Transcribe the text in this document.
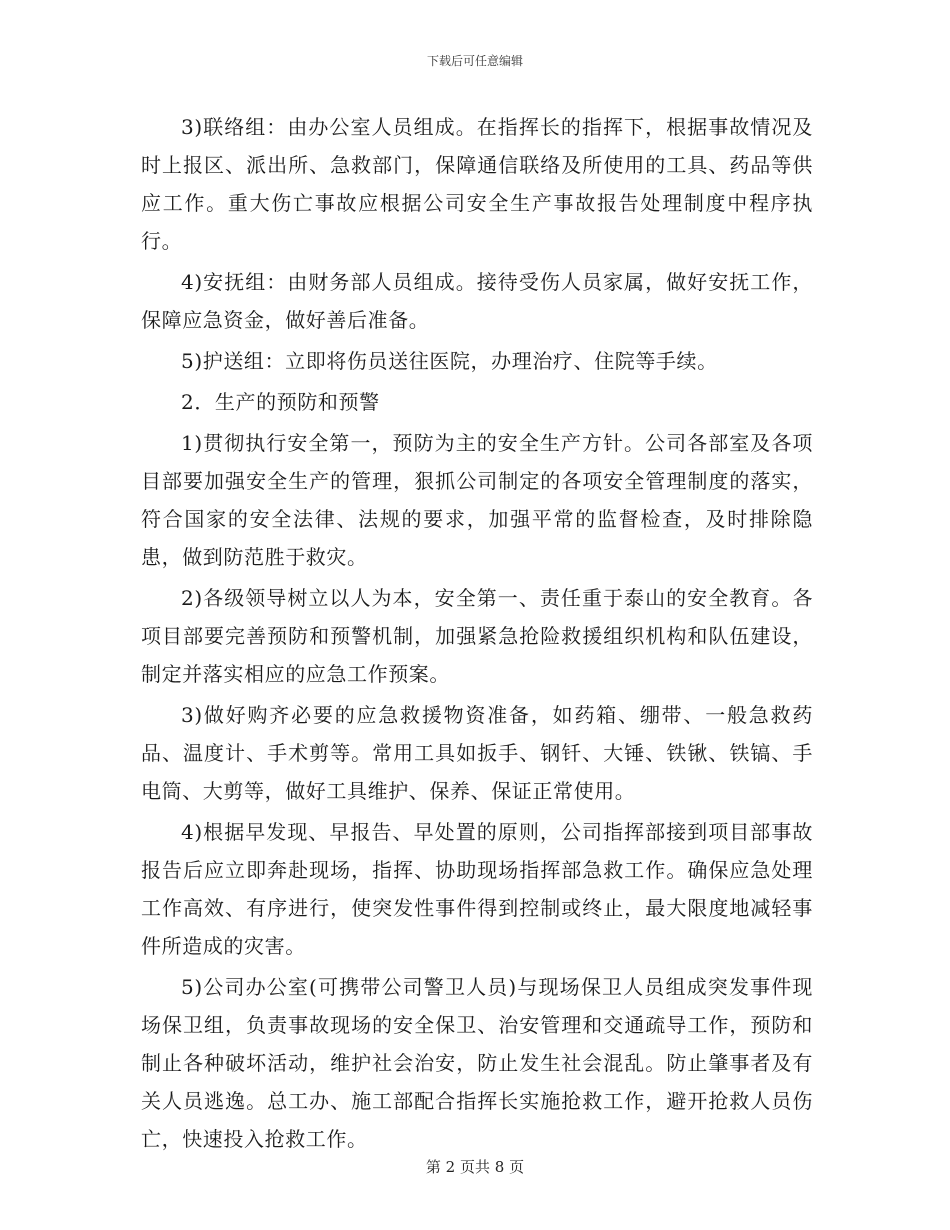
下载后可任意编辑

3)联络组：由办公室人员组成。在指挥长的指挥下，根据事故情况及时上报区、派出所、急救部门，保障通信联络及所使用的工具、药品等供应工作。重大伤亡事故应根据公司安全生产事故报告处理制度中程序执行。

4)安抚组：由财务部人员组成。接待受伤人员家属，做好安抚工作，保障应急资金，做好善后准备。

5)护送组：立即将伤员送往医院，办理治疗、住院等手续。

2．生产的预防和预警

1)贯彻执行安全第一，预防为主的安全生产方针。公司各部室及各项目部要加强安全生产的管理，狠抓公司制定的各项安全管理制度的落实，符合国家的安全法律、法规的要求，加强平常的监督检查，及时排除隐患，做到防范胜于救灾。

2)各级领导树立以人为本，安全第一、责任重于泰山的安全教育。各项目部要完善预防和预警机制，加强紧急抢险救援组织机构和队伍建设，制定并落实相应的应急工作预案。

3)做好购齐必要的应急救援物资准备，如药箱、绷带、一般急救药品、温度计、手术剪等。常用工具如扳手、钢钎、大锤、铁锹、铁镐、手电筒、大剪等，做好工具维护、保养、保证正常使用。

4)根据早发现、早报告、早处置的原则，公司指挥部接到项目部事故报告后应立即奔赴现场，指挥、协助现场指挥部急救工作。确保应急处理工作高效、有序进行，使突发性事件得到控制或终止，最大限度地减轻事件所造成的灾害。

5)公司办公室(可携带公司警卫人员)与现场保卫人员组成突发事件现场保卫组，负责事故现场的安全保卫、治安管理和交通疏导工作，预防和制止各种破坏活动，维护社会治安，防止发生社会混乱。防止肇事者及有关人员逃逸。总工办、施工部配合指挥长实施抢救工作，避开抢救人员伤亡，快速投入抢救工作。

第 2 页共 8 页
